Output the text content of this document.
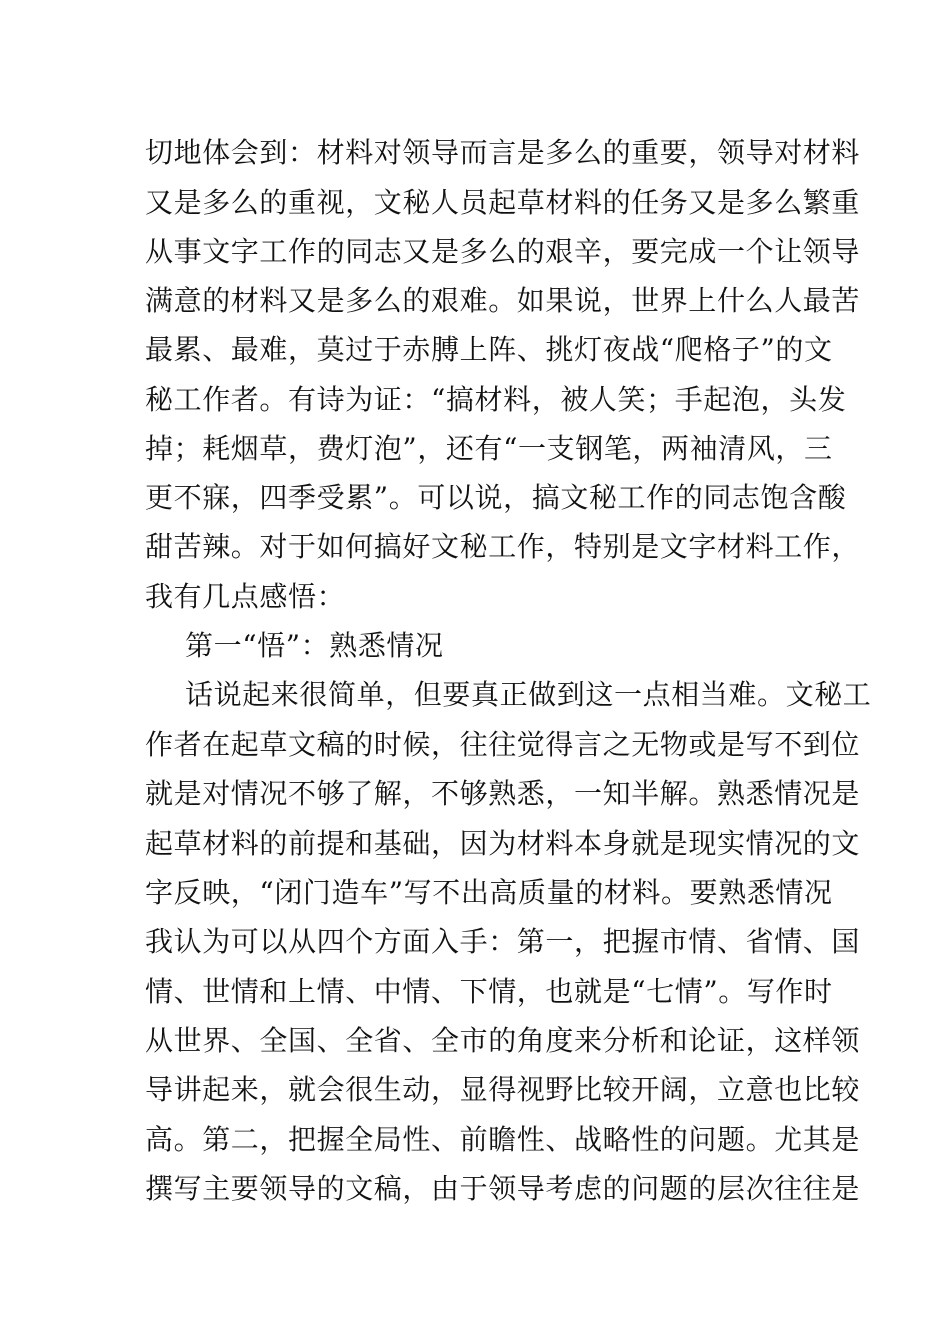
切地体会到：材料对领导而言是多么的重要，领导对材料
又是多么的重视，文秘人员起草材料的任务又是多么繁重
从事文字工作的同志又是多么的艰辛，要完成一个让领导
满意的材料又是多么的艰难。如果说，世界上什么人最苦
最累、最难，莫过于赤膊上阵、挑灯夜战“爬格子”的文
秘工作者。有诗为证：“搞材料，被人笑；手起泡，头发
掉；耗烟草，费灯泡”，还有“一支钢笔，两袖清风，三
更不寐，四季受累”。可以说，搞文秘工作的同志饱含酸
甜苦辣。对于如何搞好文秘工作，特别是文字材料工作，
我有几点感悟：
第一“悟”：熟悉情况
话说起来很简单，但要真正做到这一点相当难。文秘工
作者在起草文稿的时候，往往觉得言之无物或是写不到位
就是对情况不够了解，不够熟悉，一知半解。熟悉情况是
起草材料的前提和基础，因为材料本身就是现实情况的文
字反映，“闭门造车”写不出高质量的材料。要熟悉情况
我认为可以从四个方面入手：第一，把握市情、省情、国
情、世情和上情、中情、下情，也就是“七情”。写作时
从世界、全国、全省、全市的角度来分析和论证，这样领
导讲起来，就会很生动，显得视野比较开阔，立意也比较
高。第二，把握全局性、前瞻性、战略性的问题。尤其是
撰写主要领导的文稿，由于领导考虑的问题的层次往往是
